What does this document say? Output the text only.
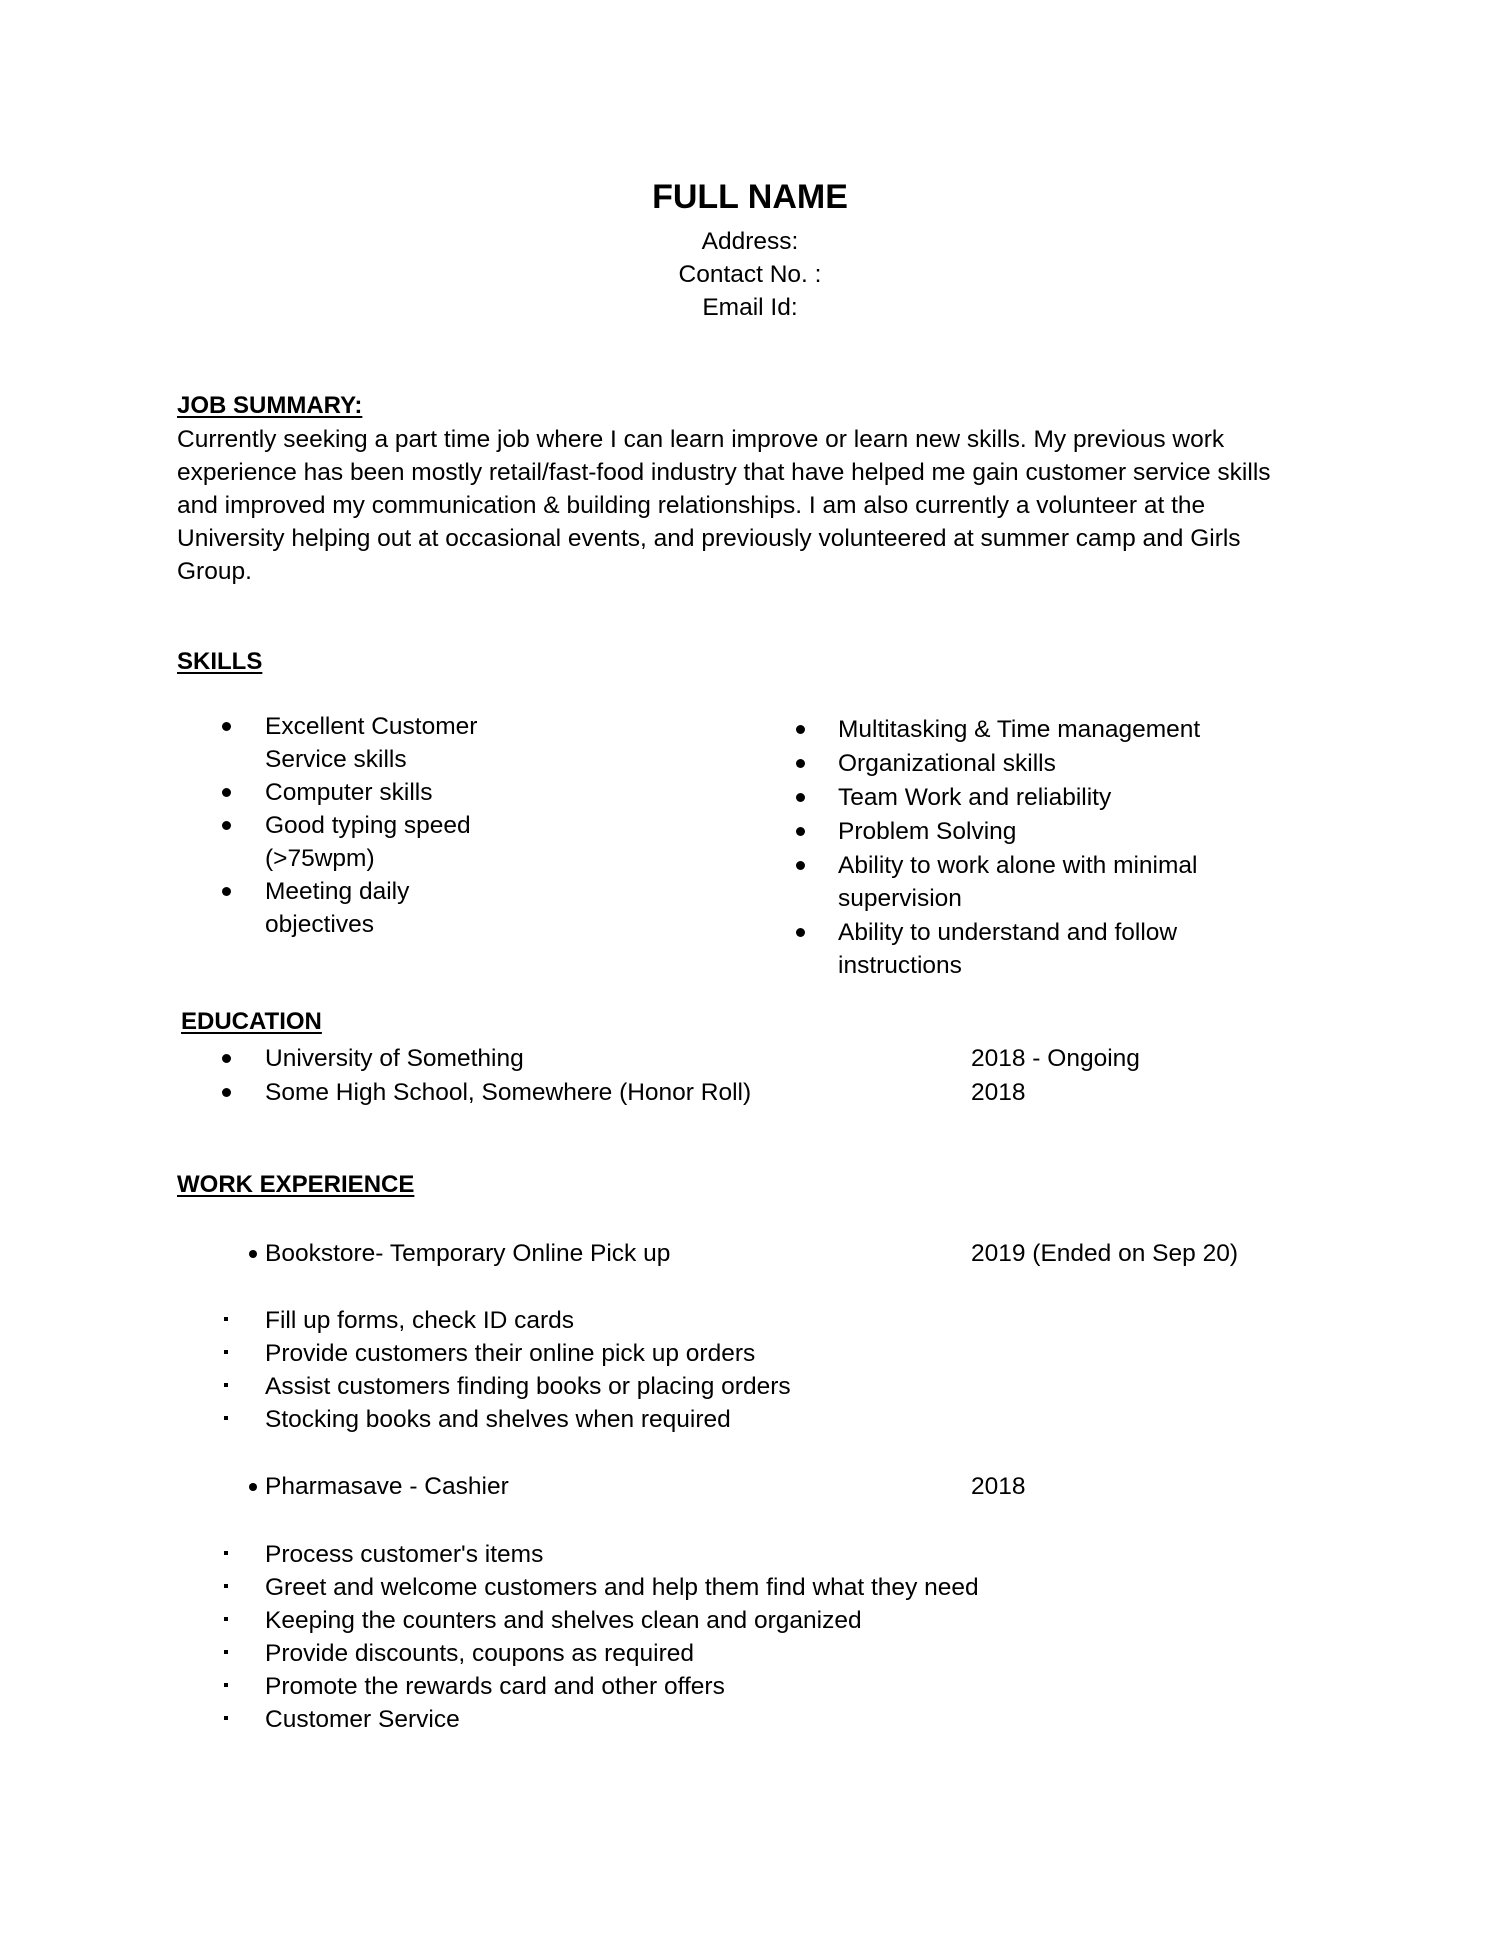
FULL NAME
Address:
Contact No. :
Email Id:
JOB SUMMARY:
Currently seeking a part time job where I can learn improve or learn new skills. My previous work experience has been mostly retail/fast-food industry that have helped me gain customer service skills and improved my communication & building relationships. I am also currently a volunteer at the University helping out at occasional events, and previously volunteered at summer camp and Girls Group.
SKILLS
Excellent Customer
Service skills
Computer skills
Good typing speed
(>75wpm)
Meeting daily
objectives
Multitasking & Time management
Organizational skills
Team Work and reliability
Problem Solving
Ability to work alone with minimal
supervision
Ability to understand and follow
instructions
EDUCATION
University of Something	2018 - Ongoing
Some High School, Somewhere (Honor Roll)	2018
WORK EXPERIENCE
Bookstore- Temporary Online Pick up	2019 (Ended on Sep 20)
Fill up forms, check ID cards
Provide customers their online pick up orders
Assist customers finding books or placing orders
Stocking books and shelves when required
Pharmasave - Cashier	2018
Process customer's items
Greet and welcome customers and help them find what they need
Keeping the counters and shelves clean and organized
Provide discounts, coupons as required
Promote the rewards card and other offers
Customer Service
